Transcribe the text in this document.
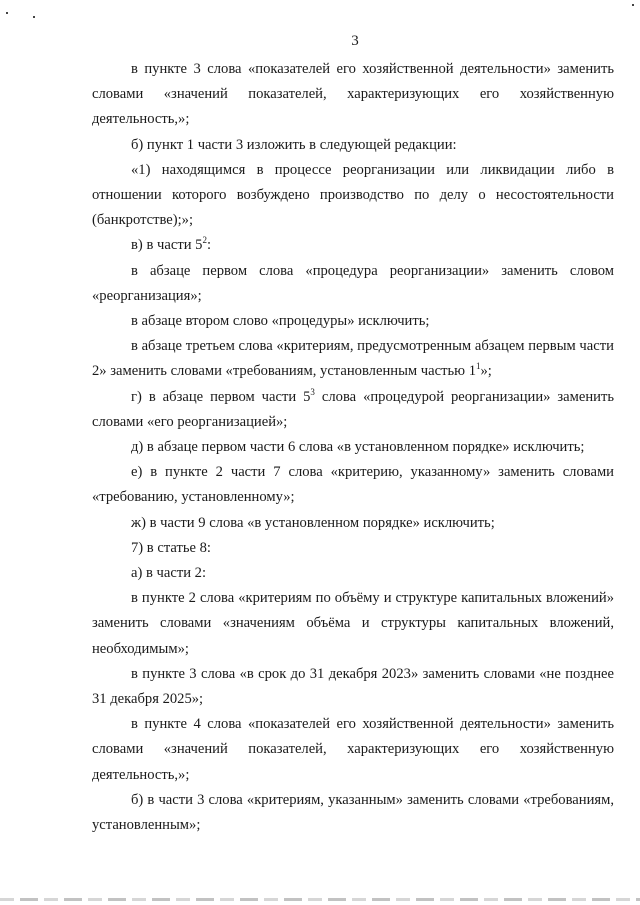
3

в пункте 3 слова «показателей его хозяйственной деятельности» заменить словами «значений показателей, характеризующих его хозяйственную деятельность,»;

б) пункт 1 части 3 изложить в следующей редакции:

«1) находящимся в процессе реорганизации или ликвидации либо в отношении которого возбуждено производство по делу о несостоятельности (банкротстве);»;

в) в части $5^2$:

в абзаце первом слова «процедура реорганизации» заменить словом «реорганизация»;

в абзаце втором слово «процедуры» исключить;

в абзаце третьем слова «критериям, предусмотренным абзацем первым части 2» заменить словами «требованиям, установленным частью $1^1$»;

г) в абзаце первом части $5^3$ слова «процедурой реорганизации» заменить словами «его реорганизацией»;

д) в абзаце первом части 6 слова «в установленном порядке» исключить;

е) в пункте 2 части 7 слова «критерию, указанному» заменить словами «требованию, установленному»;

ж) в части 9 слова «в установленном порядке» исключить;

7) в статье 8:

а) в части 2:

в пункте 2 слова «критериям по объёму и структуре капитальных вложений» заменить словами «значениям объёма и структуры капитальных вложений, необходимым»;

в пункте 3 слова «в срок до 31 декабря 2023» заменить словами «не позднее 31 декабря 2025»;

в пункте 4 слова «показателей его хозяйственной деятельности» заменить словами «значений показателей, характеризующих его хозяйственную деятельность,»;

б) в части 3 слова «критериям, указанным» заменить словами «требованиям, установленным»;
